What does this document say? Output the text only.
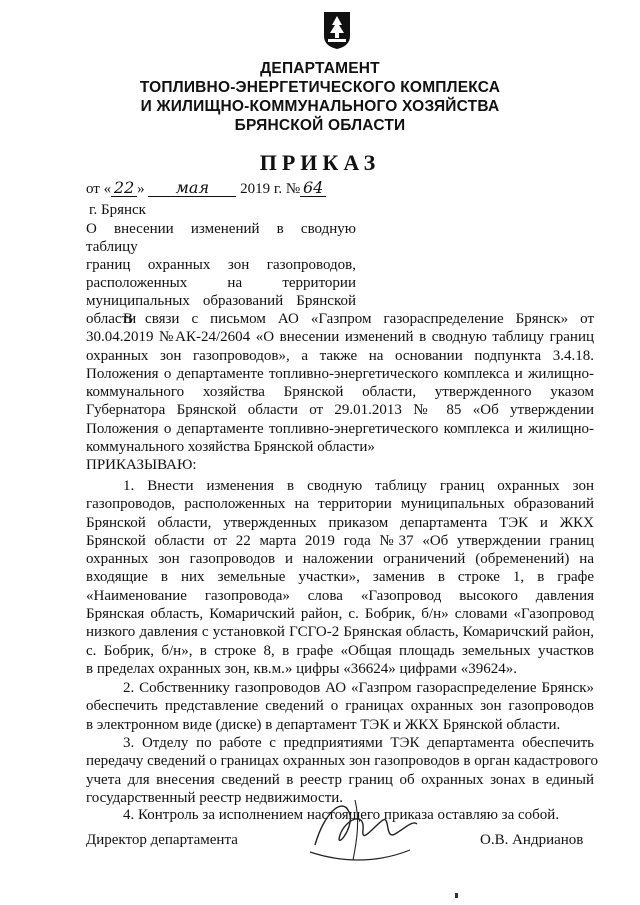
ДЕПАРТАМЕНТ
ТОПЛИВНО-ЭНЕРГЕТИЧЕСКОГО КОМПЛЕКСА
И ЖИЛИЩНО-КОММУНАЛЬНОГО ХОЗЯЙСТВА
БРЯНСКОЙ ОБЛАСТИ
ПРИКАЗ
от « 22 » мая 2019 г. № 64
г. Брянск
О внесении изменений в сводную таблицу
границ охранных зон газопроводов,
расположенных на территории
муниципальных образований Брянской
области
В связи с письмом АО «Газпром газораспределение Брянск» от
30.04.2019 №АК-24/2604 «О внесении изменений в сводную таблицу границ
охранных зон газопроводов», а также на основании подпункта 3.4.18.
Положения о департаменте топливно-энергетического комплекса и жилищно-
коммунального хозяйства Брянской области, утвержденного указом
Губернатора Брянской области от 29.01.2013 № 85 «Об утверждении
Положения о департаменте топливно-энергетического комплекса и жилищно-
коммунального хозяйства Брянской области»
ПРИКАЗЫВАЮ:
1. Внести изменения в сводную таблицу границ охранных зон
газопроводов, расположенных на территории муниципальных образований
Брянской области, утвержденных приказом департамента ТЭК и ЖКХ
Брянской области от 22 марта 2019 года №37 «Об утверждении границ
охранных зон газопроводов и наложении ограничений (обременений) на
входящие в них земельные участки», заменив в строке 1, в графе
«Наименование газопровода» слова «Газопровод высокого давления
Брянская область, Комаричский район, с. Бобрик, б/н» словами «Газопровод
низкого давления с установкой ГСГО-2 Брянская область, Комаричский район,
с. Бобрик, б/н», в строке 8, в графе «Общая площадь земельных участков
в пределах охранных зон, кв.м.» цифры «36624» цифрами «39624».
2. Собственнику газопроводов АО «Газпром газораспределение Брянск»
обеспечить представление сведений о границах охранных зон газопроводов
в электронном виде (диске) в департамент ТЭК и ЖКХ Брянской области.
3. Отделу по работе с предприятиями ТЭК департамента обеспечить
передачу сведений о границах охранных зон газопроводов в орган кадастрового
учета для внесения сведений в реестр границ об охранных зонах в единый
государственный реестр недвижимости.
4. Контроль за исполнением настоящего приказа оставляю за собой.
Директор департамента	О.В. Андрианов
